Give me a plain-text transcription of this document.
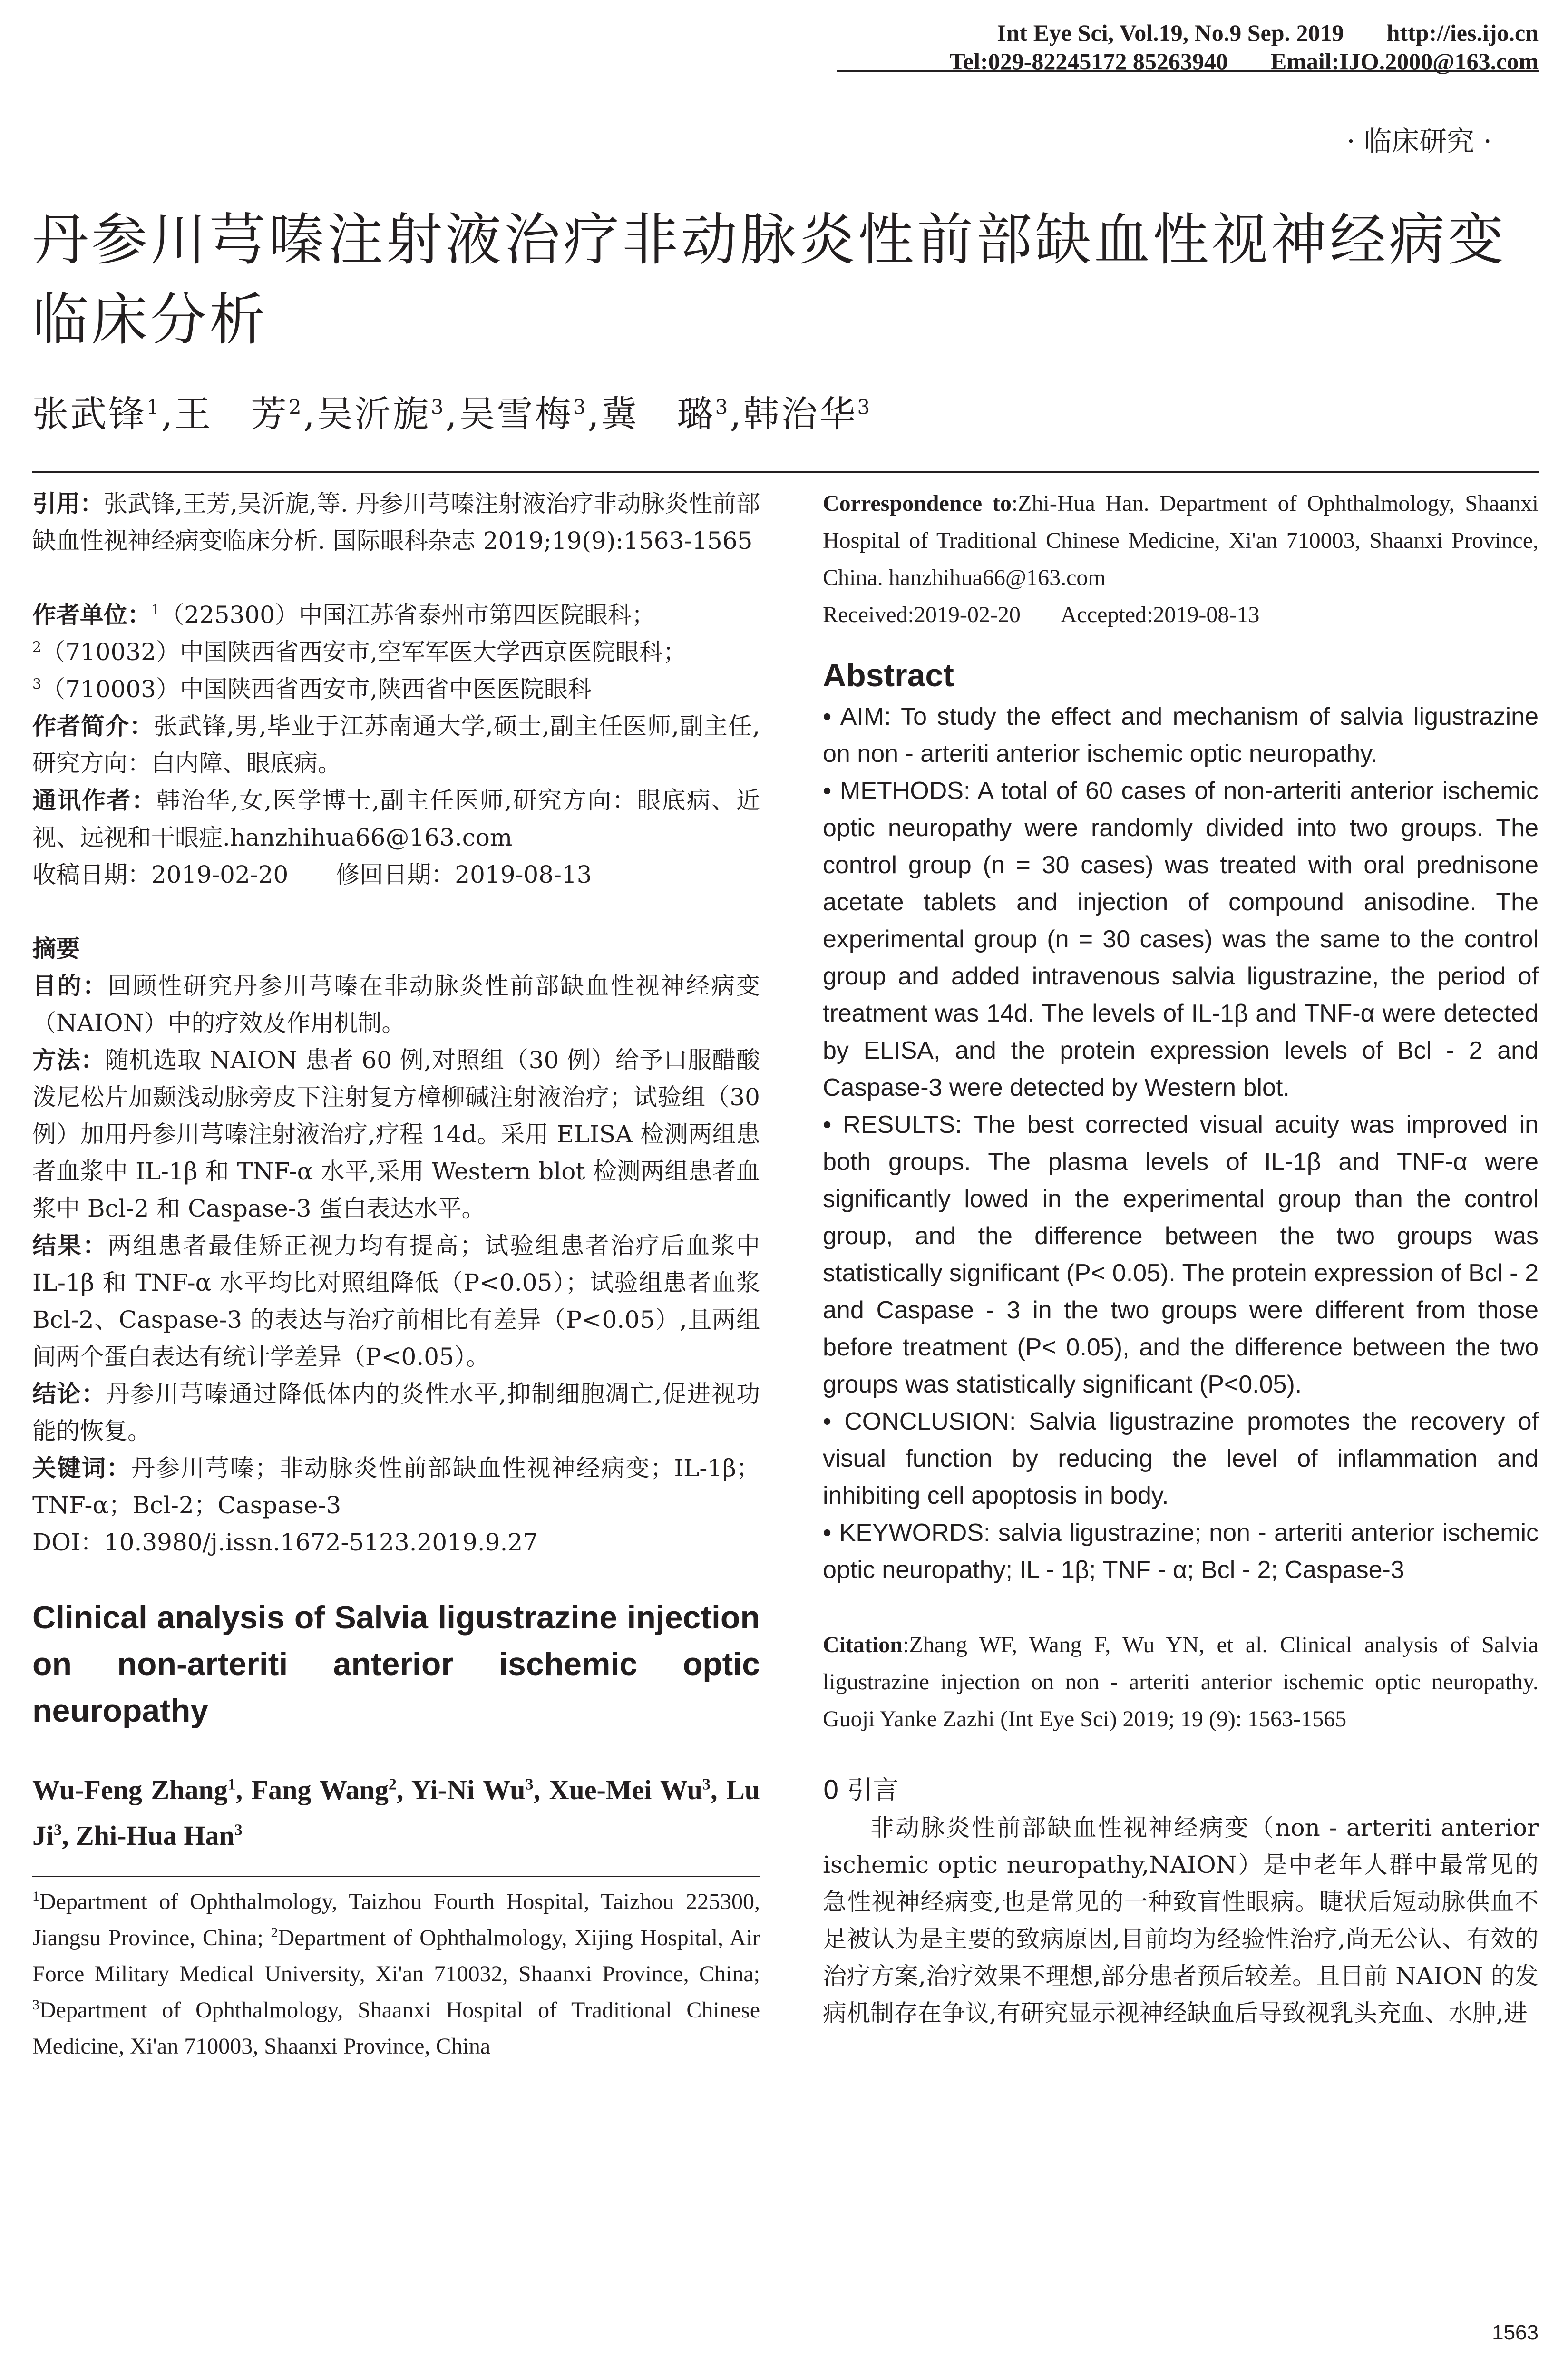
Int Eye Sci, Vol.19, No.9 Sep. 2019 http://ies.ijo.cn
Tel:029-82245172 85263940 Email:IJO.2000@163.com
· 临床研究 ·
丹参川芎嗪注射液治疗非动脉炎性前部缺血性视神经病变临床分析
张武锋$^1$,王　芳$^2$,吴沂旎$^3$,吴雪梅$^3$,冀　璐$^3$,韩治华$^3$
引用：张武锋,王芳,吴沂旎,等. 丹参川芎嗪注射液治疗非动脉炎性前部缺血性视神经病变临床分析. 国际眼科杂志 2019;19(9):1563-1565
作者单位：$^1$（225300）中国江苏省泰州市第四医院眼科；
$^2$（710032）中国陕西省西安市,空军军医大学西京医院眼科；
$^3$（710003）中国陕西省西安市,陕西省中医医院眼科
作者简介：张武锋,男,毕业于江苏南通大学,硕士,副主任医师,副主任,研究方向：白内障、眼底病。
通讯作者：韩治华,女,医学博士,副主任医师,研究方向：眼底病、近视、远视和干眼症.hanzhihua66@163.com
收稿日期：2019-02-20　　修回日期：2019-08-13
摘要
目的：回顾性研究丹参川芎嗪在非动脉炎性前部缺血性视神经病变（NAION）中的疗效及作用机制。
方法：随机选取 NAION 患者 60 例,对照组（30 例）给予口服醋酸泼尼松片加颞浅动脉旁皮下注射复方樟柳碱注射液治疗；试验组（30 例）加用丹参川芎嗪注射液治疗,疗程 14d。采用 ELISA 检测两组患者血浆中 IL-1β 和 TNF-α 水平,采用 Western blot 检测两组患者血浆中 Bcl-2 和 Caspase-3 蛋白表达水平。
结果：两组患者最佳矫正视力均有提高；试验组患者治疗后血浆中 IL-1β 和 TNF-α 水平均比对照组降低（P<0.05）；试验组患者血浆 Bcl-2、Caspase-3 的表达与治疗前相比有差异（P<0.05）,且两组间两个蛋白表达有统计学差异（P<0.05）。
结论：丹参川芎嗪通过降低体内的炎性水平,抑制细胞凋亡,促进视功能的恢复。
关键词：丹参川芎嗪；非动脉炎性前部缺血性视神经病变；IL-1β；TNF-α；Bcl-2；Caspase-3
DOI：10.3980/j.issn.1672-5123.2019.9.27
Clinical analysis of Salvia ligustrazine injection on non-arteriti anterior ischemic optic neuropathy
Wu-Feng Zhang$^1$, Fang Wang$^2$, Yi-Ni Wu$^3$, Xue-Mei Wu$^3$, Lu Ji$^3$, Zhi-Hua Han$^3$
$^1$Department of Ophthalmology, Taizhou Fourth Hospital, Taizhou 225300, Jiangsu Province, China; $^2$Department of Ophthalmology, Xijing Hospital, Air Force Military Medical University, Xi'an 710032, Shaanxi Province, China; $^3$Department of Ophthalmology, Shaanxi Hospital of Traditional Chinese Medicine, Xi'an 710003, Shaanxi Province, China
Correspondence to:Zhi-Hua Han. Department of Ophthalmology, Shaanxi Hospital of Traditional Chinese Medicine, Xi'an 710003, Shaanxi Province, China. hanzhihua66@163.com
Received:2019-02-20 Accepted:2019-08-13
Abstract
• AIM: To study the effect and mechanism of salvia ligustrazine on non - arteriti anterior ischemic optic neuropathy.
• METHODS: A total of 60 cases of non-arteriti anterior ischemic optic neuropathy were randomly divided into two groups. The control group (n = 30 cases) was treated with oral prednisone acetate tablets and injection of compound anisodine. The experimental group (n = 30 cases) was the same to the control group and added intravenous salvia ligustrazine, the period of treatment was 14d. The levels of IL-1β and TNF-α were detected by ELISA, and the protein expression levels of Bcl - 2 and Caspase-3 were detected by Western blot.
• RESULTS: The best corrected visual acuity was improved in both groups. The plasma levels of IL-1β and TNF-α were significantly lowed in the experimental group than the control group, and the difference between the two groups was statistically significant (P< 0.05). The protein expression of Bcl - 2 and Caspase - 3 in the two groups were different from those before treatment (P< 0.05), and the difference between the two groups was statistically significant (P<0.05).
• CONCLUSION: Salvia ligustrazine promotes the recovery of visual function by reducing the level of inflammation and inhibiting cell apoptosis in body.
• KEYWORDS: salvia ligustrazine; non - arteriti anterior ischemic optic neuropathy; IL - 1β; TNF - α; Bcl - 2; Caspase-3
Citation:Zhang WF, Wang F, Wu YN, et al. Clinical analysis of Salvia ligustrazine injection on non - arteriti anterior ischemic optic neuropathy. Guoji Yanke Zazhi (Int Eye Sci) 2019; 19 (9): 1563-1565
0 引言
非动脉炎性前部缺血性视神经病变（non - arteriti anterior ischemic optic neuropathy,NAION）是中老年人群中最常见的急性视神经病变,也是常见的一种致盲性眼病。睫状后短动脉供血不足被认为是主要的致病原因,目前均为经验性治疗,尚无公认、有效的治疗方案,治疗效果不理想,部分患者预后较差。且目前 NAION 的发病机制存在争议,有研究显示视神经缺血后导致视乳头充血、水肿,进
1563
